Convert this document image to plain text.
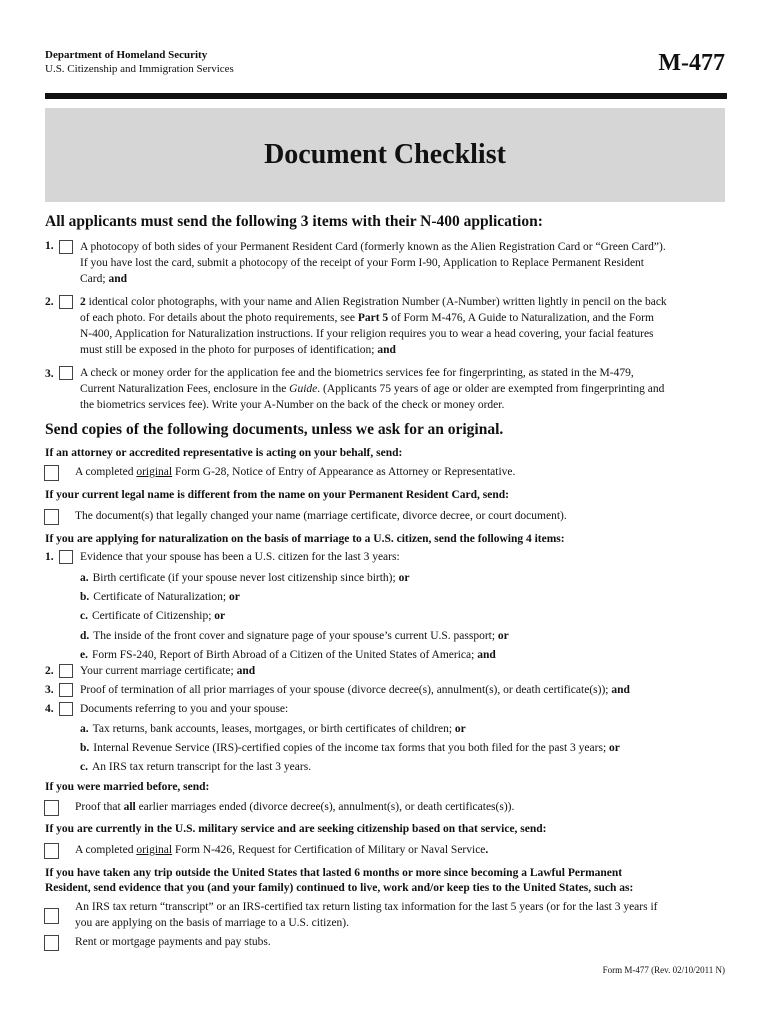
Department of Homeland Security
U.S. Citizenship and Immigration Services	M-477
Document Checklist
All applicants must send the following 3 items with their N-400 application:
1. A photocopy of both sides of your Permanent Resident Card (formerly known as the Alien Registration Card or “Green Card”).
If you have lost the card, submit a photocopy of the receipt of your Form I-90, Application to Replace Permanent Resident
Card; and
2. 2 identical color photographs, with your name and Alien Registration Number (A-Number) written lightly in pencil on the back
of each photo. For details about the photo requirements, see Part 5 of Form M-476, A Guide to Naturalization, and the Form
N-400, Application for Naturalization instructions. If your religion requires you to wear a head covering, your facial features
must still be exposed in the photo for purposes of identification; and
3. A check or money order for the application fee and the biometrics services fee for fingerprinting, as stated in the M-479,
Current Naturalization Fees, enclosure in the Guide. (Applicants 75 years of age or older are exempted from fingerprinting and
the biometrics services fee). Write your A-Number on the back of the check or money order.
Send copies of the following documents, unless we ask for an original.
If an attorney or accredited representative is acting on your behalf, send:
A completed original Form G-28, Notice of Entry of Appearance as Attorney or Representative.
If your current legal name is different from the name on your Permanent Resident Card, send:
The document(s) that legally changed your name (marriage certificate, divorce decree, or court document).
If you are applying for naturalization on the basis of marriage to a U.S. citizen, send the following 4 items:
1. Evidence that your spouse has been a U.S. citizen for the last 3 years:
a. Birth certificate (if your spouse never lost citizenship since birth); or
b. Certificate of Naturalization; or
c. Certificate of Citizenship; or
d. The inside of the front cover and signature page of your spouse’s current U.S. passport; or
e. Form FS-240, Report of Birth Abroad of a Citizen of the United States of America; and
2. Your current marriage certificate; and
3. Proof of termination of all prior marriages of your spouse (divorce decree(s), annulment(s), or death certificate(s)); and
4. Documents referring to you and your spouse:
a. Tax returns, bank accounts, leases, mortgages, or birth certificates of children; or
b. Internal Revenue Service (IRS)-certified copies of the income tax forms that you both filed for the past 3 years; or
c. An IRS tax return transcript for the last 3 years.
If you were married before, send:
Proof that all earlier marriages ended (divorce decree(s), annulment(s), or death certificates(s)).
If you are currently in the U.S. military service and are seeking citizenship based on that service, send:
A completed original Form N-426, Request for Certification of Military or Naval Service.
If you have taken any trip outside the United States that lasted 6 months or more since becoming a Lawful Permanent
Resident, send evidence that you (and your family) continued to live, work and/or keep ties to the United States, such as:
An IRS tax return “transcript” or an IRS-certified tax return listing tax information for the last 5 years (or for the last 3 years if
you are applying on the basis of marriage to a U.S. citizen).
Rent or mortgage payments and pay stubs.
Form M-477 (Rev. 02/10/2011 N)
